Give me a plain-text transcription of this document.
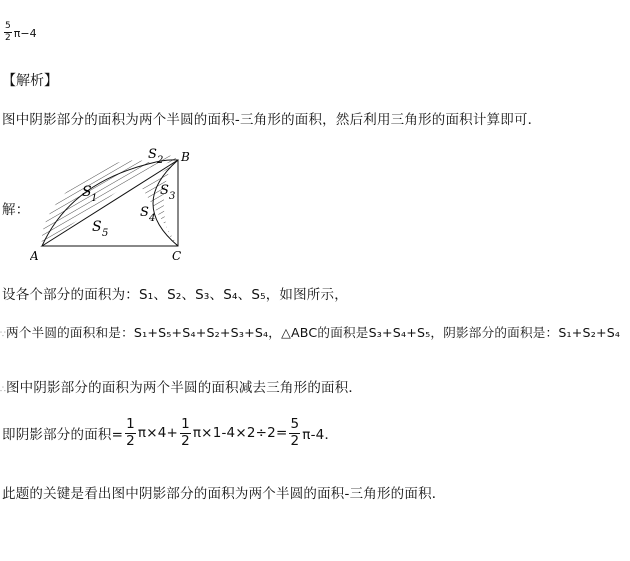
$\frac{5}{2} \pi-4$
【解析】
图中阴影部分的面积为两个半圆的面积-三角形的面积，然后利用三角形的面积计算即可．
解：
A
B
C
S 1
S 2
S 3
S 4
S 5
设各个部分的面积为：S₁、S₂、S₃、S₄、S₅，如图所示，
∵两个半圆的面积和是：S₁+S₅+S₄+S₂+S₃+S₄，△ABC的面积是S₃+S₄+S₅，阴影部分的面积是：S₁+S₂+S₄
∴图中阴影部分的面积为两个半圆的面积减去三角形的面积．
即阴影部分的面积= $\frac{1}{2} \pi\times 4+ \frac{1}{2} \pi\times 1-4\times 2\div 2= \frac{5}{2} \pi-4$．
此题的关键是看出图中阴影部分的面积为两个半圆的面积-三角形的面积．
